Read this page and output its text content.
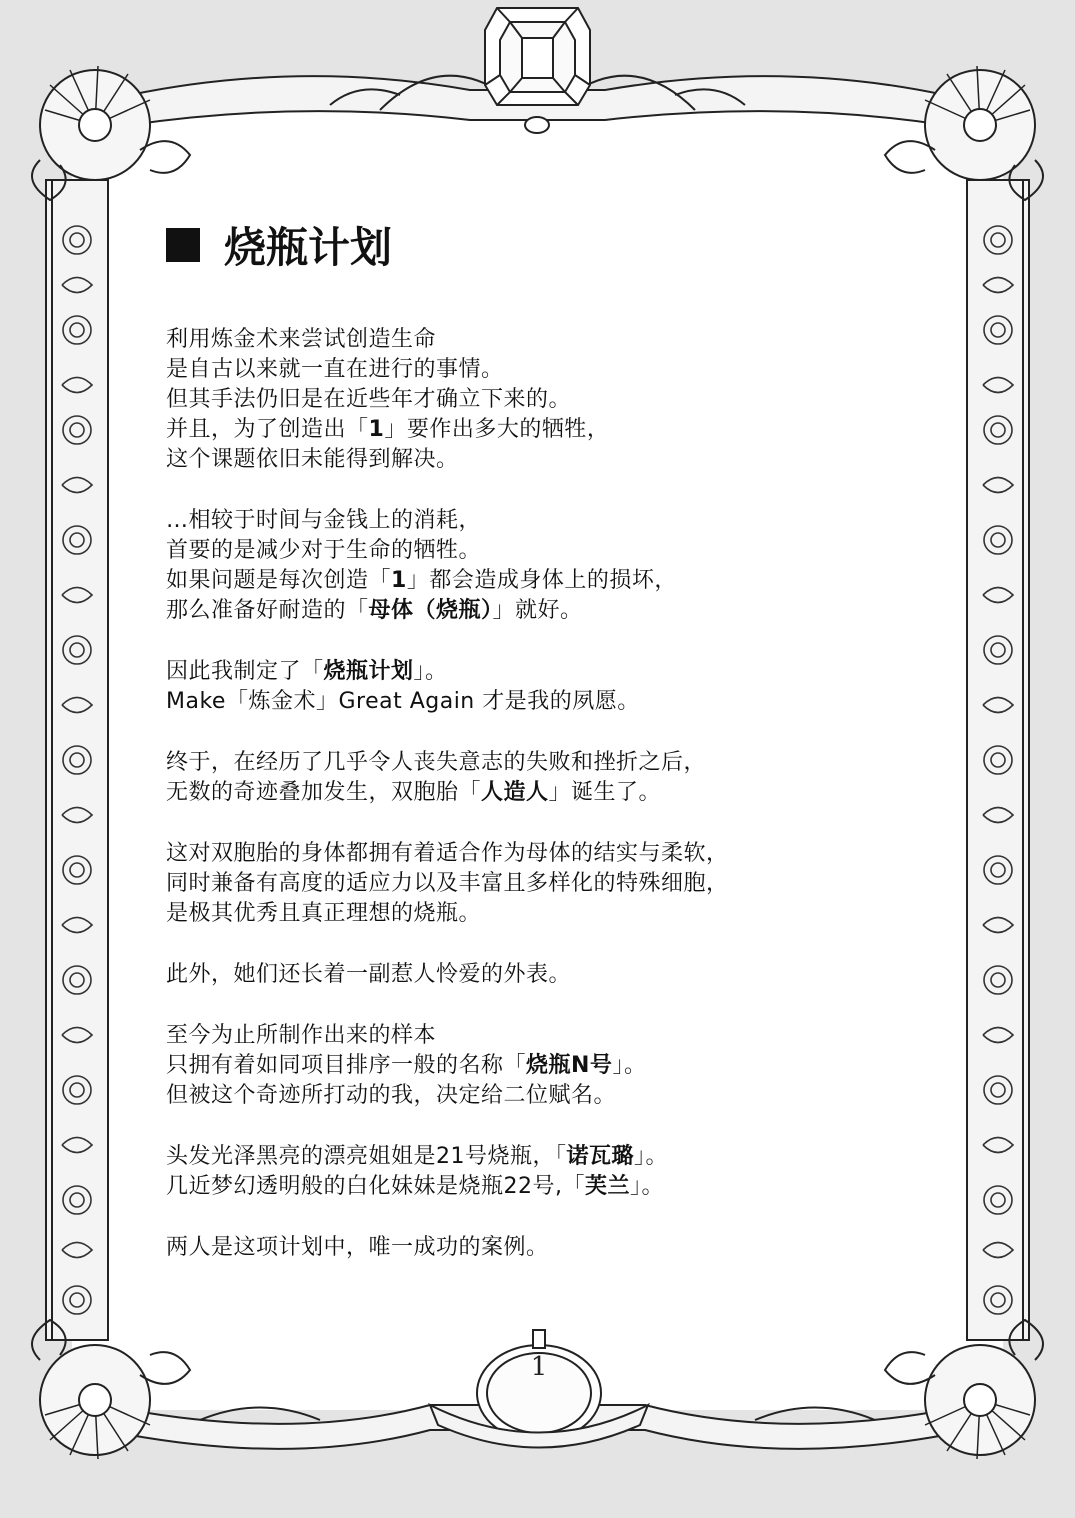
烧瓶计划
利用炼金术来尝试创造生命
是自古以来就一直在进行的事情。
但其手法仍旧是在近些年才确立下来的。
并且，为了创造出「1」要作出多大的牺牲，
这个课题依旧未能得到解决。
…相较于时间与金钱上的消耗，
首要的是减少对于生命的牺牲。
如果问题是每次创造「1」都会造成身体上的损坏，
那么准备好耐造的「母体（烧瓶）」就好。
因此我制定了「烧瓶计划」。
Make「炼金术」Great Again 才是我的夙愿。
终于，在经历了几乎令人丧失意志的失败和挫折之后，
无数的奇迹叠加发生，双胞胎「人造人」诞生了。
这对双胞胎的身体都拥有着适合作为母体的结实与柔软，
同时兼备有高度的适应力以及丰富且多样化的特殊细胞，
是极其优秀且真正理想的烧瓶。
此外，她们还长着一副惹人怜爱的外表。
至今为止所制作出来的样本
只拥有着如同项目排序一般的名称「烧瓶N号」。
但被这个奇迹所打动的我，决定给二位赋名。
头发光泽黑亮的漂亮姐姐是21号烧瓶，「诺瓦璐」。
几近梦幻透明般的白化妹妹是烧瓶22号,「芙兰」。
两人是这项计划中，唯一成功的案例。
1
